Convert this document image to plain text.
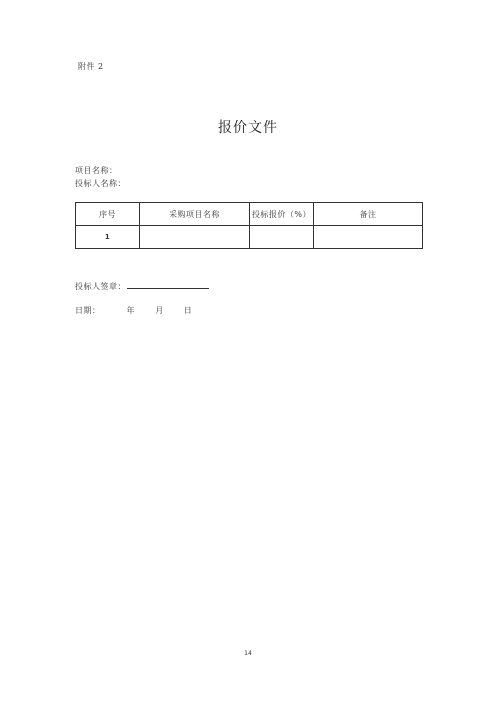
附件 2
报价文件
项目名称：
投标人名称：
序号	采购项目名称	投标报价（%）	备注
1			
投标人签章：
日期：	年	月	日
14
